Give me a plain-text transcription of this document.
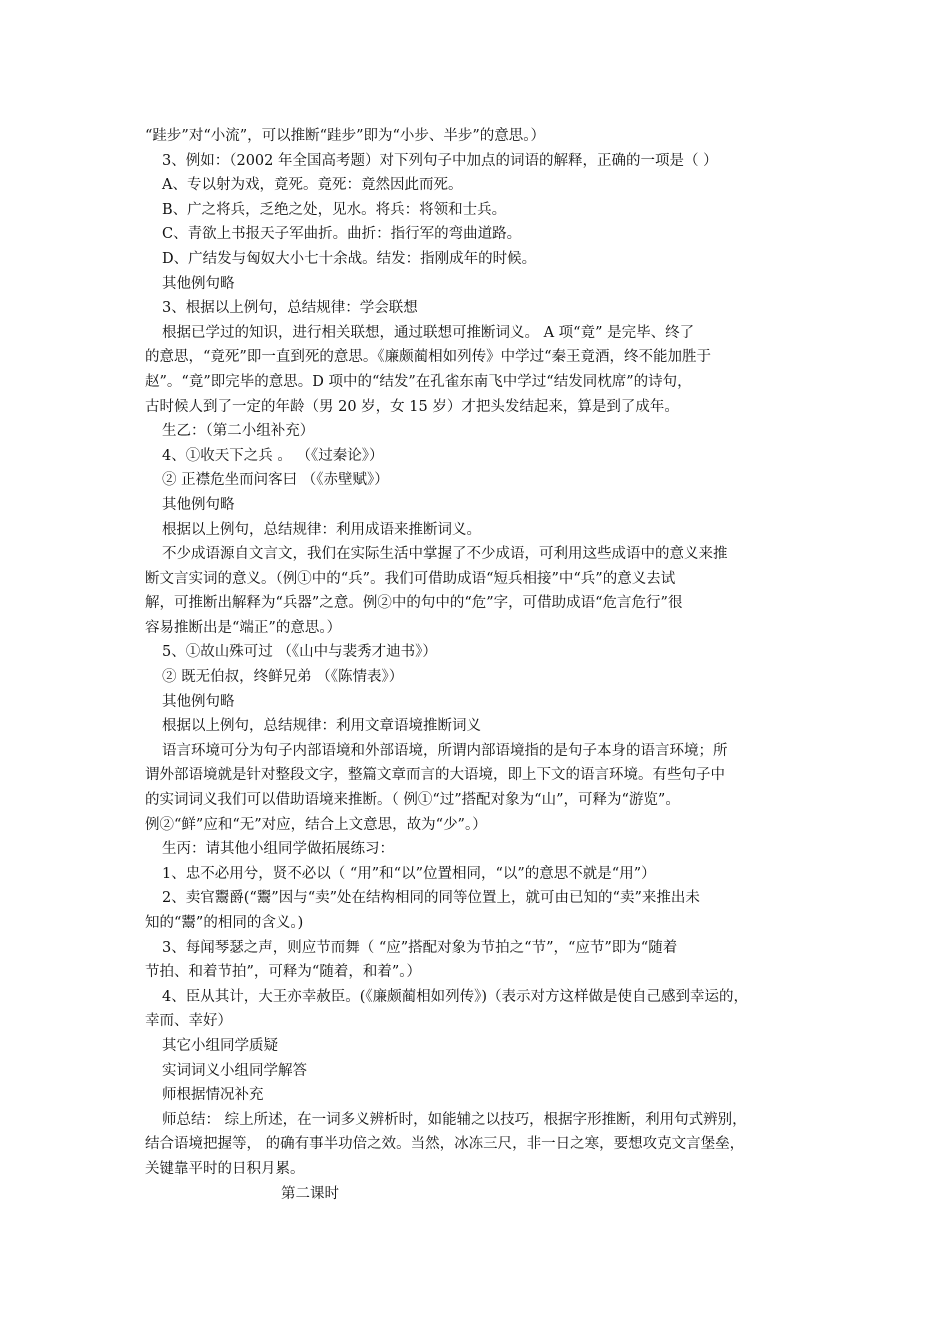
“跬步”对“小流”，可以推断“跬步”即为“小步、半步”的意思。）
3、例如：（2002 年全国高考题）对下列句子中加点的词语的解释，正确的一项是（ ）
A、专以射为戏，竟死。竟死：竟然因此而死。
B、广之将兵，乏绝之处，见水。将兵：将领和士兵。
C、青欲上书报天子军曲折。曲折：指行军的弯曲道路。
D、广结发与匈奴大小七十余战。结发：指刚成年的时候。
其他例句略
3、根据以上例句，总结规律：学会联想
根据已学过的知识，进行相关联想，通过联想可推断词义。 A 项“竟” 是完毕、终了
的意思，“竟死”即一直到死的意思。《廉颇蔺相如列传》中学过“秦王竟酒，终不能加胜于
赵”。“竟”即完毕的意思。D 项中的“结发”在孔雀东南飞中学过“结发同枕席”的诗句，
古时候人到了一定的年龄（男 20 岁，女 15 岁）才把头发结起来，算是到了成年。
生乙：（第二小组补充）
4、①收天下之兵 。 （《过秦论》）
② 正襟危坐而问客曰 （《赤壁赋》）
其他例句略
根据以上例句，总结规律：利用成语来推断词义。
不少成语源自文言文，我们在实际生活中掌握了不少成语，可利用这些成语中的意义来推
断文言实词的意义。（例①中的“兵”。我们可借助成语“短兵相接”中“兵”的意义去试
解，可推断出解释为“兵器”之意。例②中的句中的“危”字，可借助成语“危言危行”很
容易推断出是“端正”的意思。）
5、①故山殊可过 （《山中与裴秀才迪书》）
② 既无伯叔，终鲜兄弟 （《陈情表》）
其他例句略
根据以上例句，总结规律：利用文章语境推断词义
语言环境可分为句子内部语境和外部语境，所谓内部语境指的是句子本身的语言环境；所
谓外部语境就是针对整段文字，整篇文章而言的大语境，即上下文的语言环境。有些句子中
的实词词义我们可以借助语境来推断。（ 例①“过”搭配对象为“山”，可释为“游览”。
例②“鲜”应和“无”对应，结合上文意思，故为“少”。）
生丙：请其他小组同学做拓展练习：
1、忠不必用兮，贤不必以（ “用”和“以”位置相同，“以”的意思不就是“用”）
2、卖官鬻爵(“鬻”因与“卖”处在结构相同的同等位置上，就可由已知的“卖”来推出未
知的“鬻”的相同的含义。)
3、每闻琴瑟之声，则应节而舞（ “应”搭配对象为节拍之“节”，“应节”即为“随着
节拍、和着节拍”，可释为“随着，和着”。）
4、臣从其计，大王亦幸赦臣。(《廉颇蔺相如列传》)（表示对方这样做是使自己感到幸运的，
幸而、幸好）
其它小组同学质疑
实词词义小组同学解答
师根据情况补充
师总结： 综上所述，在一词多义辨析时，如能辅之以技巧，根据字形推断，利用句式辨别，
结合语境把握等， 的确有事半功倍之效。当然，冰冻三尺，非一日之寒，要想攻克文言堡垒，
关键靠平时的日积月累。
第二课时
